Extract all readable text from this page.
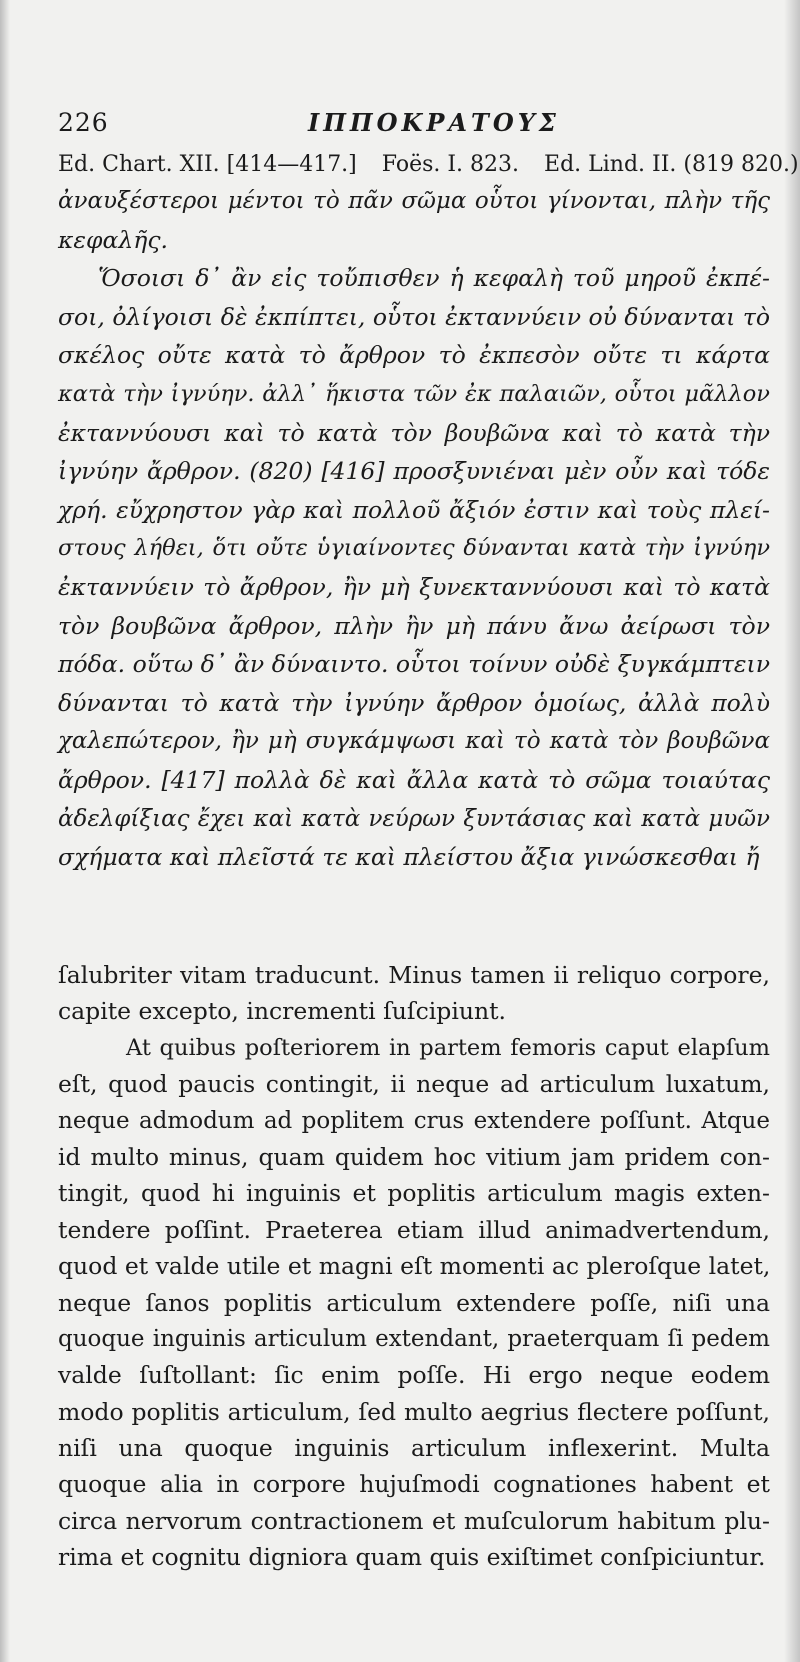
226	ΙΠΠΟΚΡΑΤΟΥΣ
Ed. Chart. XII. [414—417.] Foës. I. 823. Ed. Lind. II. (819 820.)
ἀναυξέστεροι μέντοι τὸ πᾶν σῶμα οὗτοι γίνονται, πλὴν τῆς
κεφαλῆς.
Ὅσοισι δ᾽ ἂν εἰς τοὔπισθεν ἡ κεφαλὴ τοῦ μηροῦ ἐκπέ-
σοι, ὀλίγοισι δὲ ἐκπίπτει, οὗτοι ἐκταννύειν οὐ δύνανται τὸ
σκέλος οὔτε κατὰ τὸ ἄρθρον τὸ ἐκπεσὸν οὔτε τι κάρτα
κατὰ τὴν ἰγνύην. ἀλλ᾽ ἥκιστα τῶν ἐκ παλαιῶν, οὗτοι μᾶλλον
ἐκταννύουσι καὶ τὸ κατὰ τὸν βουβῶνα καὶ τὸ κατὰ τὴν
ἰγνύην ἄρθρον. (820) [416] προσξυνιέναι μὲν οὖν καὶ τόδε
χρή. εὔχρηστον γὰρ καὶ πολλοῦ ἄξιόν ἐστιν καὶ τοὺς πλεί-
στους λήθει, ὅτι οὔτε ὑγιαίνοντες δύνανται κατὰ τὴν ἰγνύην
ἐκταννύειν τὸ ἄρθρον, ἢν μὴ ξυνεκταννύουσι καὶ τὸ κατὰ
τὸν βουβῶνα ἄρθρον, πλὴν ἢν μὴ πάνυ ἄνω ἀείρωσι τὸν
πόδα. οὕτω δ᾽ ἂν δύναιντο. οὗτοι τοίνυν οὐδὲ ξυγκάμπτειν
δύνανται τὸ κατὰ τὴν ἰγνύην ἄρθρον ὁμοίως, ἀλλὰ πολὺ
χαλεπώτερον, ἢν μὴ συγκάμψωσι καὶ τὸ κατὰ τὸν βουβῶνα
ἄρθρον. [417] πολλὰ δὲ καὶ ἄλλα κατὰ τὸ σῶμα τοιαύτας
ἀδελφίξιας ἔχει καὶ κατὰ νεύρων ξυντάσιας καὶ κατὰ μυῶν
σχήματα καὶ πλεῖστά τε καὶ πλείστου ἄξια γινώσκεσθαι ἤ
ſalubriter vitam traducunt. Minus tamen ii reliquo corpore,
capite excepto, incrementi ſuſcipiunt.
At quibus poſteriorem in partem femoris caput elapſum
eſt, quod paucis contingit, ii neque ad articulum luxatum,
neque admodum ad poplitem crus extendere poſſunt. Atque
id multo minus, quam quidem hoc vitium jam pridem con-
tingit, quod hi inguinis et poplitis articulum magis exten-
tendere poſſint. Praeterea etiam illud animadvertendum,
quod et valde utile et magni eſt momenti ac pleroſque latet,
neque ſanos poplitis articulum extendere poſſe, niſi una
quoque inguinis articulum extendant, praeterquam ſi pedem
valde ſuſtollant: ſic enim poſſe. Hi ergo neque eodem
modo poplitis articulum, ſed multo aegrius flectere poſſunt,
niſi una quoque inguinis articulum inflexerint. Multa
quoque alia in corpore hujuſmodi cognationes habent et
circa nervorum contractionem et muſculorum habitum plu-
rima et cognitu digniora quam quis exiſtimet conſpiciuntur.
